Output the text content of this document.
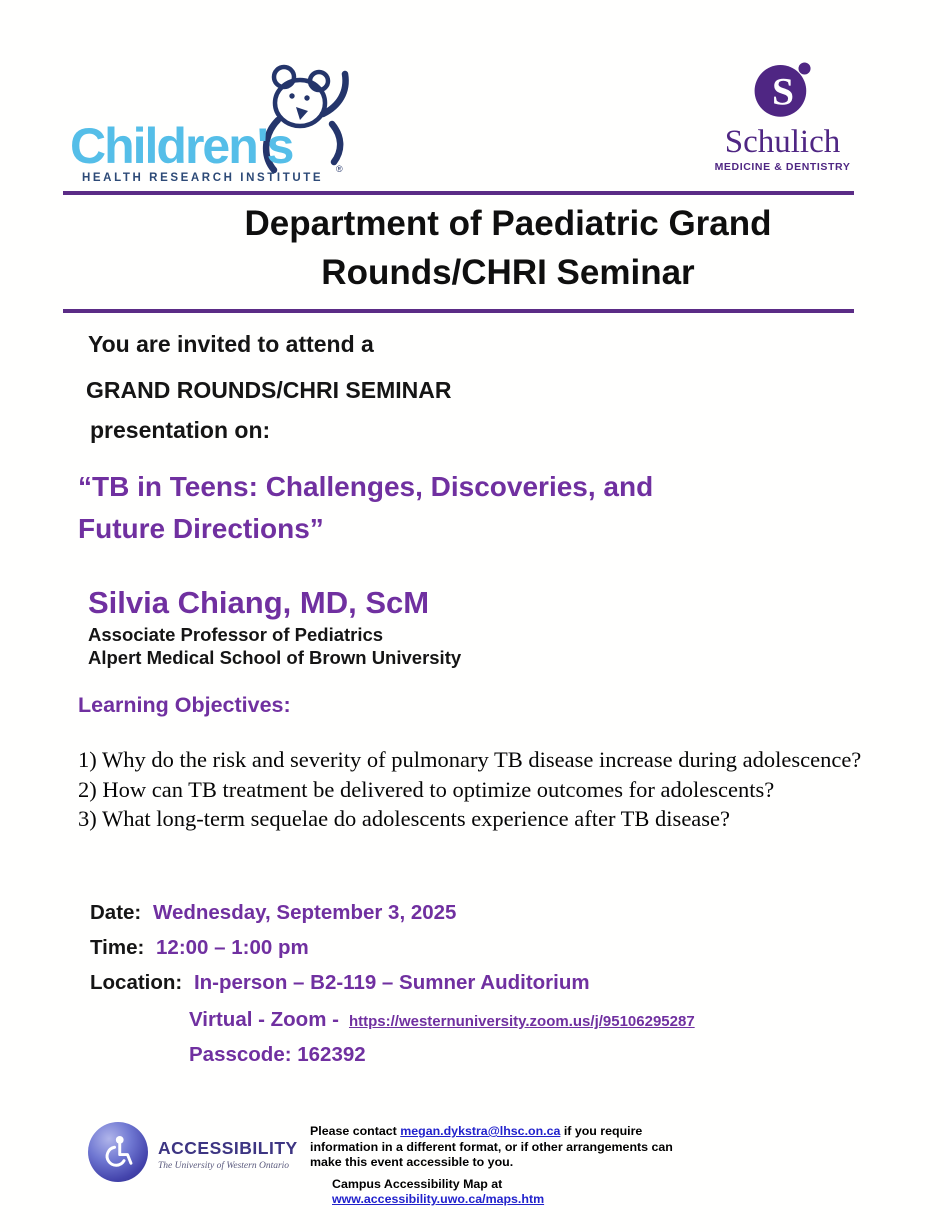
Children's	®
HEALTH RESEARCH INSTITUTE
S
Schulich
MEDICINE & DENTISTRY
Department of Paediatric Grand
Rounds/CHRI Seminar
You are invited to attend a
GRAND ROUNDS/CHRI SEMINAR
presentation on:
“TB in Teens: Challenges, Discoveries, and
Future Directions”
Silvia Chiang, MD, ScM
Associate Professor of Pediatrics
Alpert Medical School of Brown University
Learning Objectives:
1) Why do the risk and severity of pulmonary TB disease increase during adolescence?
2) How can TB treatment be delivered to optimize outcomes for adolescents?
3) What long-term sequelae do adolescents experience after TB disease?
Date: Wednesday, September 3, 2025
Time: 12:00 – 1:00 pm
Location: In-person – B2-119 – Sumner Auditorium
Virtual - Zoom - https://westernuniversity.zoom.us/j/95106295287
Passcode: 162392
ACCESSIBILITY
The University of Western Ontario
Please contact megan.dykstra@lhsc.on.ca if you require information in a different format, or if other arrangements can make this event accessible to you.
Campus Accessibility Map at www.accessibility.uwo.ca/maps.htm
